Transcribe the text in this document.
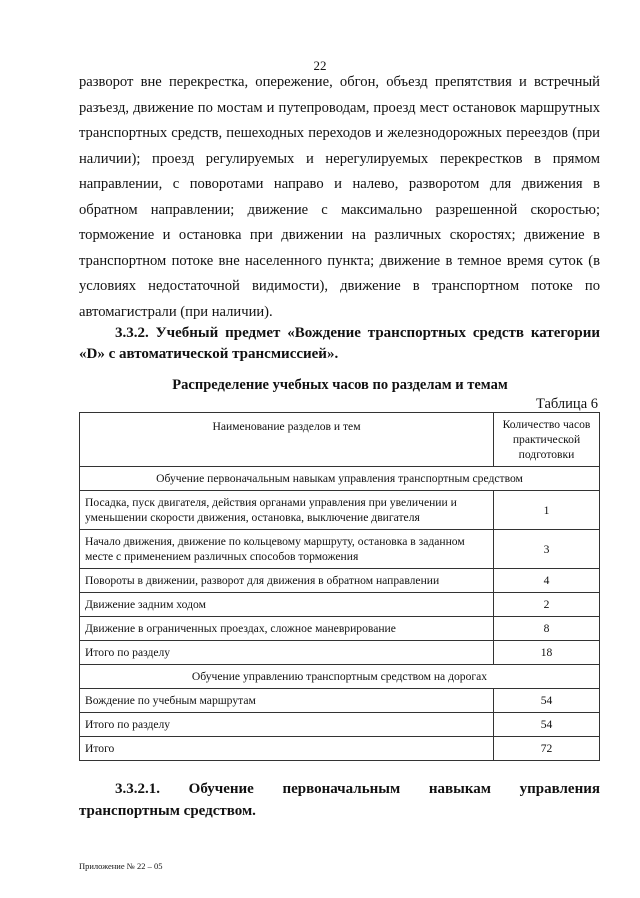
22

разворот вне перекрестка, опережение, обгон, объезд препятствия и встречный разъезд, движение по мостам и путепроводам, проезд мест остановок маршрутных транспортных средств, пешеходных переходов и железнодорожных переездов (при наличии); проезд регулируемых и нерегулируемых перекрестков в прямом направлении, с поворотами направо и налево, разворотом для движения в обратном направлении; движение с максимально разрешенной скоростью; торможение и остановка при движении на различных скоростях; движение в транспортном потоке вне населенного пункта; движение в темное время суток (в условиях недостаточной видимости), движение в транспортном потоке по автомагистрали (при наличии).

3.3.2. Учебный предмет «Вождение транспортных средств категории «D» с автоматической трансмиссией».

Распределение учебных часов по разделам и темам

Таблица 6
Наименование разделов и тем	Количество часов практической подготовки
Обучение первоначальным навыкам управления транспортным средством	
Посадка, пуск двигателя, действия органами управления при увеличении и уменьшении скорости движения, остановка, выключение двигателя	1
Начало движения, движение по кольцевому маршруту, остановка в заданном месте с применением различных способов торможения	3
Повороты в движении, разворот для движения в обратном направлении	4
Движение задним ходом	2
Движение в ограниченных проездах, сложное маневрирование	8
Итого по разделу	18
Обучение управлению транспортным средством на дорогах	
Вождение по учебным маршрутам	54
Итого по разделу	54
Итого	72

3.3.2.1. Обучение первоначальным навыкам управления транспортным средством.

Приложение № 22 – 05
